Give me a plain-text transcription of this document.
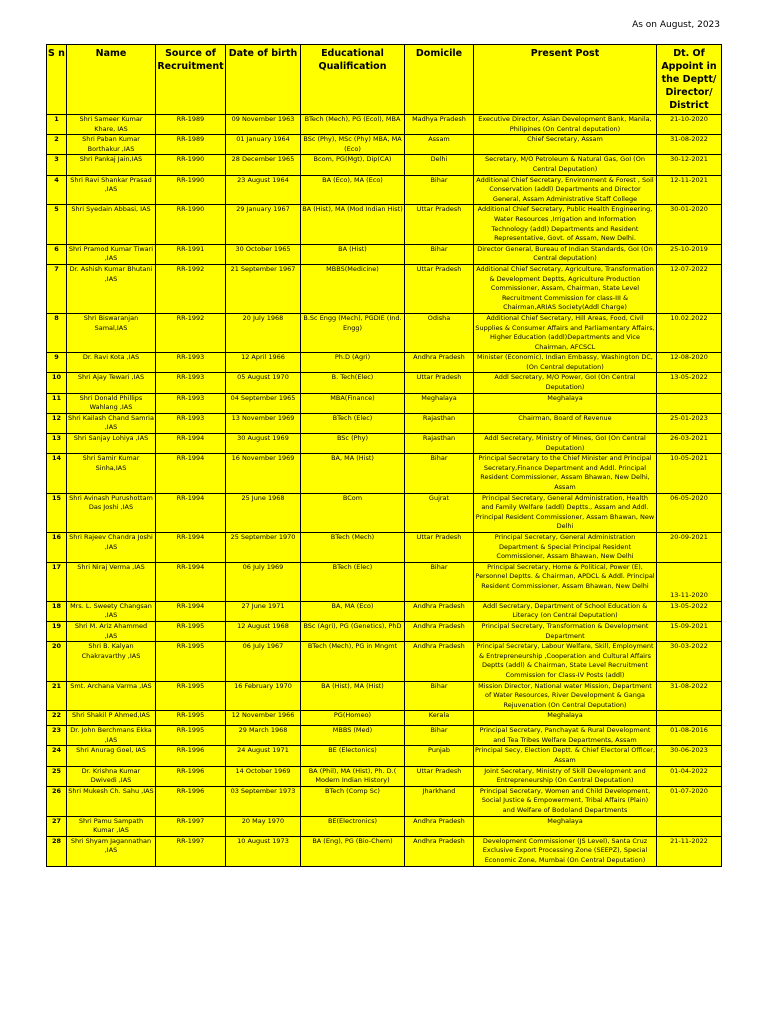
As on August, 2023
S n	Name	Source of Recruitment	Date of birth	Educational Qualification	Domicile	Present Post	Dt. Of Appoint in the Deptt/ Director/ District
1	Shri Sameer Kumar Khare, IAS	RR-1989	09 November 1963	BTech (Mech), PG (Ecol), MBA	Madhya Pradesh	Executive Director, Asian Development Bank, Manila, Philipines (On Central deputation)	21-10-2020
2	Shri Paban Kumar Borthakur ,IAS	RR-1989	01 January 1964	BSc (Phy), MSc (Phy) MBA, MA (Eco)	Assam	Chief Secretary, Assam	31-08-2022
3	Shri Pankaj Jain,IAS	RR-1990	28 December 1965	Bcom, PG(Mgt), Dip(CA)	Delhi	Secretary, M/O Petroleum & Natural Gas, GoI (On Central Deputation)	30-12-2021
4	Shri Ravi Shankar Prasad ,IAS	RR-1990	23 August 1964	BA (Eco), MA (Eco)	Bihar	Additional Chief Secretary, Environment & Forest , Soil Conservation (addl) Departments and Director General, Assam Administrative Staff College	12-11-2021
5	Shri Syedain Abbasi, IAS	RR-1990	29 January 1967	BA (Hist), MA (Mod Indian Hist)	Uttar Pradesh	Additional Chief Secretary, Public Health Engineering, Water Resources ,Irrigation and Information Technology (addl) Departments and Resident Representative, Govt. of Assam, New Delhi.	30-01-2020
6	Shri Pramod Kumar Tiwari ,IAS	RR-1991	30 October 1965	BA (Hist)	Bihar	Director General, Bureau of Indian Standards, GoI (On Central deputation)	25-10-2019
7	Dr. Ashish Kumar Bhutani ,IAS	RR-1992	21 September 1967	MBBS(Medicine)	Uttar Pradesh	Additional Chief Secretary, Agriculture, Transformation & Development Deptts, Agriculture Production Commissioner, Assam, Chairman, State Level Recruitment Commission for class-III & Chairman,ARIAS Society(Addl Charge)	12-07-2022
8	Shri Biswaranjan Samal,IAS	RR-1992	20 July 1968	B.Sc Engg (Mech), PGDIE (Ind. Engg)	Odisha	Additional Chief Secretary, Hill Areas, Food, Civil Supplies & Consumer Affairs and Parliamentary Affairs, Higher Education (addl)Departments and Vice Chairman, AFCSCL	10.02.2022
9	Dr. Ravi Kota ,IAS	RR-1993	12 April 1966	Ph.D (Agri)	Andhra Pradesh	Minister (Economic), Indian Embassy, Washington DC, (On Central deputation)	12-08-2020
10	Shri Ajay Tewari ,IAS	RR-1993	05 August 1970	B. Tech(Elec)	Uttar Pradesh	Addl Secretary, M/O Power, GoI (On Central Deputation)	13-05-2022
11	Shri Donald Phillips Wahlang ,IAS	RR-1993	04 September 1965	MBA(Finance)	Meghalaya	Meghalaya	
12	Shri Kailash Chand Samria ,IAS	RR-1993	13 November 1969	BTech (Elec)	Rajasthan	Chairman, Board of Revenue	25-01-2023
13	Shri Sanjay Lohiya ,IAS	RR-1994	30 August 1969	BSc (Phy)	Rajasthan	Addl Secretary, Ministry of Mines, GoI (On Central Deputation)	26-03-2021
14	Shri Samir Kumar Sinha,IAS	RR-1994	16 November 1969	BA, MA (Hist)	Bihar	Principal Secretary to the Chief Minister and Principal Secretary,Finance Department and Addl. Principal Resident Commissioner, Assam Bhawan, New Delhi, Assam	10-05-2021
15	Shri Avinash Purushottam Das Joshi ,IAS	RR-1994	25 June 1968	BCom	Gujrat	Principal Secretary, General Administration, Health and Family Welfare (addl) Deptts., Assam and Addl. Principal Resident Commissioner, Assam Bhawan, New Delhi	06-05-2020
16	Shri Rajeev Chandra Joshi ,IAS	RR-1994	25 September 1970	BTech (Mech)	Uttar Pradesh	Principal Secretary, General Administration Department & Special Principal Resident Commissioner, Assam Bhawan, New Delhi	20-09-2021
17	Shri Niraj Verma ,IAS	RR-1994	06 July 1969	BTech (Elec)	Bihar	Principal Secretary, Home & Political, Power (E), Personnel Deptts. & Chairman, APDCL & Addl. Principal Resident Commissioner, Assam Bhawan, New Delhi	13-11-2020
18	Mrs. L. Sweety Changsan ,IAS	RR-1994	27 June 1971	BA, MA (Eco)	Andhra Pradesh	Addl Secretary, Department of School Education & Literacy (on Central Deputation)	13-05-2022
19	Shri M. Ariz Ahammed ,IAS	RR-1995	12 August 1968	BSc (Agri), PG (Genetics), PhD	Andhra Pradesh	Principal Secretary, Transformation & Development Department	15-09-2021
20	Shri B. Kalyan Chakravarthy ,IAS	RR-1995	06 July 1967	BTech (Mech), PG in Mngmt	Andhra Pradesh	Principal Secretary, Labour Welfare, Skill, Employment & Entrepreneurship ,Cooperation and Cultural Affairs Deptts (addl) & Chairman, State Level Recruitment Commission for Class-IV Posts (addl)	30-03-2022
21	Smt. Archana Varma ,IAS	RR-1995	16 February 1970	BA (Hist), MA (Hist)	Bihar	Mission Director, National water Mission, Department of Water Resources, River Development & Ganga Rejuvenation (On Central Deputation)	31-08-2022
22	Shri Shakil P Ahmed,IAS	RR-1995	12 November 1966	PG(Homeo)	Kerala	Meghalaya	
23	Dr. John Berchmans Ekka ,IAS	RR-1995	29 March 1968	MBBS (Med)	Bihar	Principal Secretary, Panchayat & Rural Development and Tea Tribes Welfare Departments, Assam	01-08-2016
24	Shri Anurag Goel, IAS	RR-1996	24 August 1971	BE (Electonics)	Punjab	Principal Secy, Election Deptt. & Chief Electoral Officer, Assam	30-06-2023
25	Dr. Krishna Kumar Dwivedi ,IAS	RR-1996	14 October 1969	BA (Phil), MA (Hist), Ph. D.( Modern Indian History)	Uttar Pradesh	Joint Secretary, Ministry of Skill Development and Entrepreneurship (On Central Deputation)	01-04-2022
26	Shri Mukesh Ch. Sahu ,IAS	RR-1996	03 September 1973	BTech (Comp Sc)	Jharkhand	Principal Secretary, Women and Child Development, Social Justice & Empowerment, Tribal Affairs (Plain) and Welfare of Bodoland Departments	01-07-2020
27	Shri Pamu Sampath Kumar ,IAS	RR-1997	20 May 1970	BE(Electronics)	Andhra Pradesh	Meghalaya	
28	Shri Shyam Jagannathan ,IAS	RR-1997	10 August 1973	BA (Eng), PG (Bio-Chem)	Andhra Pradesh	Development Commissioner (JS Level), Santa Cruz Exclusive Export Processing Zone (SEEPZ), Special Economic Zone, Mumbai (On Central Deputation)	21-11-2022
